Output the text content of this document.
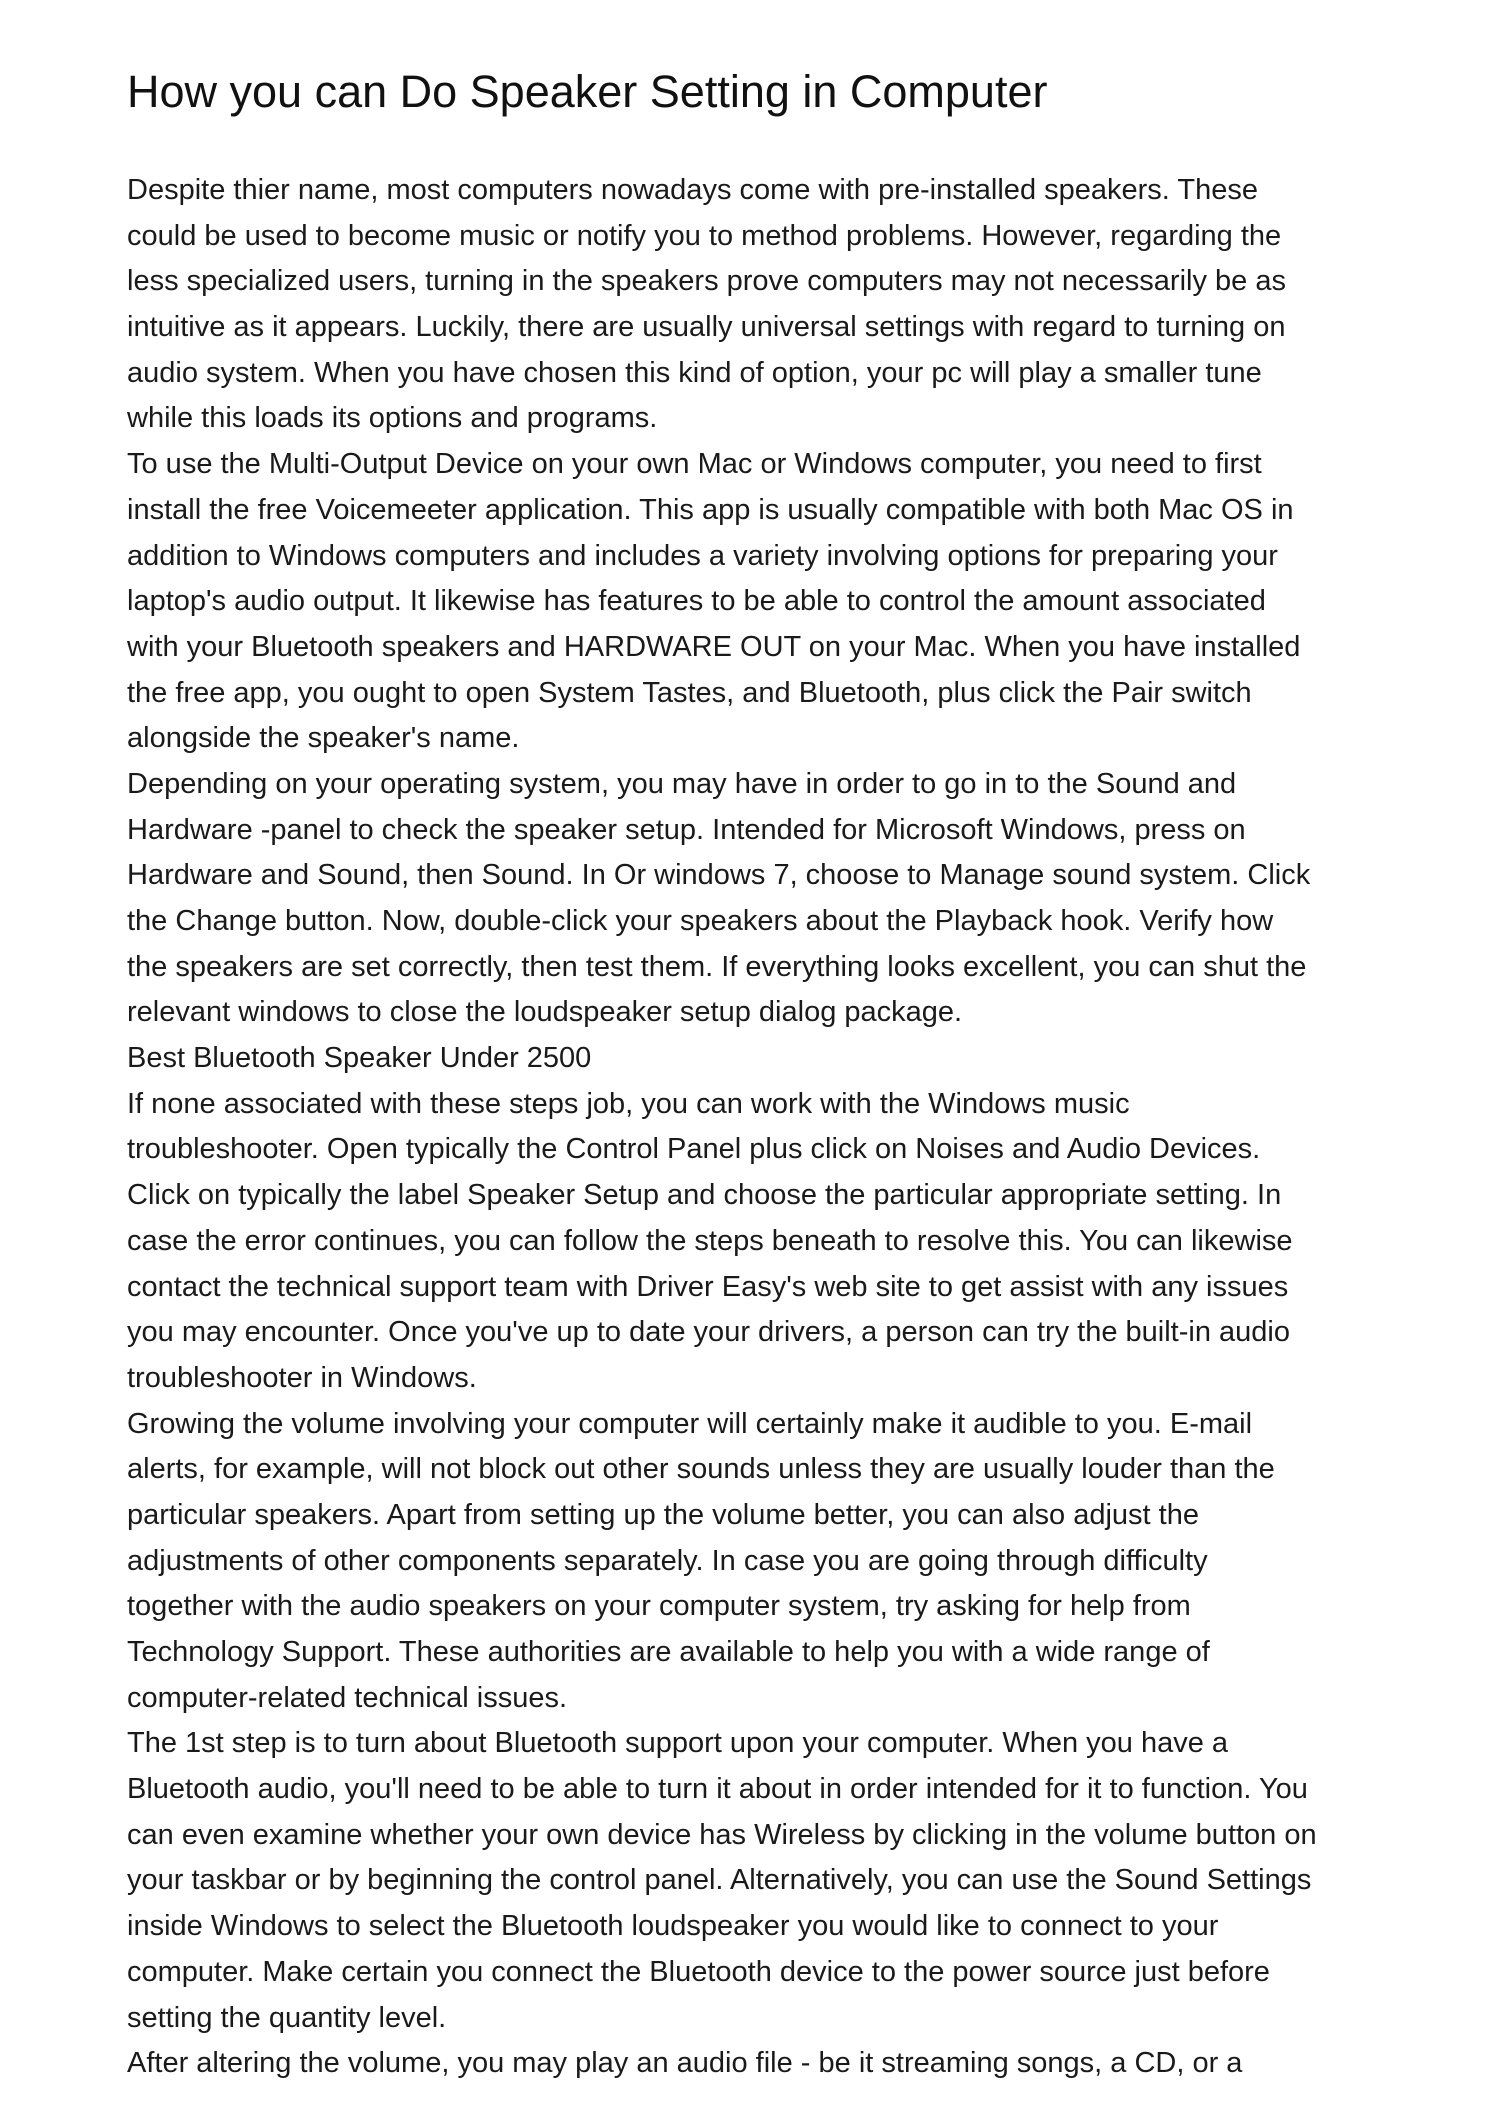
How you can Do Speaker Setting in Computer
Despite thier name, most computers nowadays come with pre-installed speakers. These
could be used to become music or notify you to method problems. However, regarding the
less specialized users, turning in the speakers prove computers may not necessarily be as
intuitive as it appears. Luckily, there are usually universal settings with regard to turning on
audio system. When you have chosen this kind of option, your pc will play a smaller tune
while this loads its options and programs.
To use the Multi-Output Device on your own Mac or Windows computer, you need to first
install the free Voicemeeter application. This app is usually compatible with both Mac OS in
addition to Windows computers and includes a variety involving options for preparing your
laptop's audio output. It likewise has features to be able to control the amount associated
with your Bluetooth speakers and HARDWARE OUT on your Mac. When you have installed
the free app, you ought to open System Tastes, and Bluetooth, plus click the Pair switch
alongside the speaker's name.
Depending on your operating system, you may have in order to go in to the Sound and
Hardware -panel to check the speaker setup. Intended for Microsoft Windows, press on
Hardware and Sound, then Sound. In Or windows 7, choose to Manage sound system. Click
the Change button. Now, double-click your speakers about the Playback hook. Verify how
the speakers are set correctly, then test them. If everything looks excellent, you can shut the
relevant windows to close the loudspeaker setup dialog package.
Best Bluetooth Speaker Under 2500
If none associated with these steps job, you can work with the Windows music
troubleshooter. Open typically the Control Panel plus click on Noises and Audio Devices.
Click on typically the label Speaker Setup and choose the particular appropriate setting. In
case the error continues, you can follow the steps beneath to resolve this. You can likewise
contact the technical support team with Driver Easy's web site to get assist with any issues
you may encounter. Once you've up to date your drivers, a person can try the built-in audio
troubleshooter in Windows.
Growing the volume involving your computer will certainly make it audible to you. E-mail
alerts, for example, will not block out other sounds unless they are usually louder than the
particular speakers. Apart from setting up the volume better, you can also adjust the
adjustments of other components separately. In case you are going through difficulty
together with the audio speakers on your computer system, try asking for help from
Technology Support. These authorities are available to help you with a wide range of
computer-related technical issues.
The 1st step is to turn about Bluetooth support upon your computer. When you have a
Bluetooth audio, you'll need to be able to turn it about in order intended for it to function. You
can even examine whether your own device has Wireless by clicking in the volume button on
your taskbar or by beginning the control panel. Alternatively, you can use the Sound Settings
inside Windows to select the Bluetooth loudspeaker you would like to connect to your
computer. Make certain you connect the Bluetooth device to the power source just before
setting the quantity level.
After altering the volume, you may play an audio file - be it streaming songs, a CD, or a
